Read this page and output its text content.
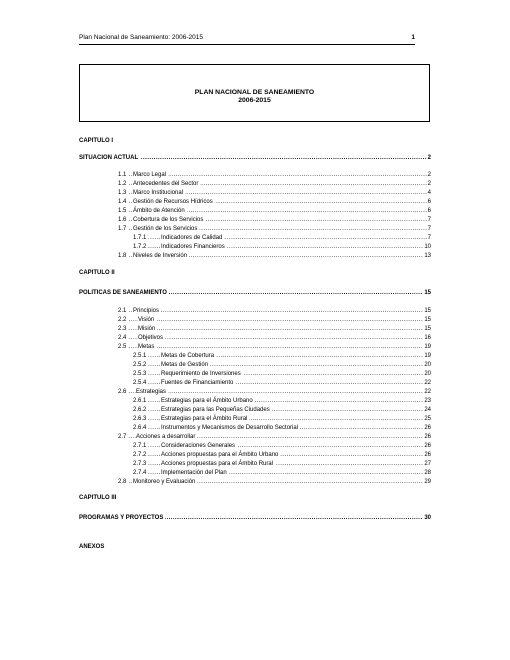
Plan Nacional de Saneamiento: 2006-2015	1
PLAN NACIONAL DE SANEAMIENTO
2006-2015
CAPITULO I
. . .
SITUACION ACTUAL	2
. . .
1.1	Marco Legal	2
. . .
1.2	Antecedentes del Sector	2
. . .
1.3	Marco Institucional	4
. . .
1.4	Gestión de Recursos Hídricos	6
. . .
1.5	Ámbito de Atención	6
. . .
1.6	Cobertura de los Servicios	7
. . .
1.7	Gestión de los Servicios	7
. . .
1.7.1	Indicadores de Calidad	7
. . .
1.7.2	Indicadores Financieros	10
. . .
1.8	Niveles de Inversión	13
CAPITULO II
. . .
POLITICAS DE SANEAMIENTO	15
. . .
2.1	Principios	15
. . .
2.2	Visión	15
. . .
2.3	Misión	15
. . .
2.4	Objetivos	16
. . .
2.5	Metas	19
. . .
2.5.1	Metas de Cobertura	19
. . .
2.5.2	Metas de Gestión	20
. . .
2.5.3	Requerimiento de Inversiones	20
. . .
2.5.4	Fuentes de Financiamiento	22
. . .
2.6	Estrategias	22
. . .
2.6.1	Estrategias para el Ámbito Urbano	23
. . .
2.6.2	Estrategias para las Pequeñas Ciudades	24
. . .
2.6.3	Estrategias para el Ámbito Rural	25
. . .
2.6.4	Instrumentos y Mecanismos de Desarrollo Sectorial	26
. . .
2.7	Acciones a desarrollar	26
. . .
2.7.1	Consideraciones Generales	26
. . .
2.7.2	Acciones propuestas para el Ámbito Urbano	26
. . .
2.7.3	Acciones propuestas para el Ámbito Rural	27
. . .
2.7.4	Implementación del Plan	28
. . .
2.8	Monitoreo y Evaluación	29
CAPITULO III
. . .
PROGRAMAS Y PROYECTOS	30
ANEXOS
